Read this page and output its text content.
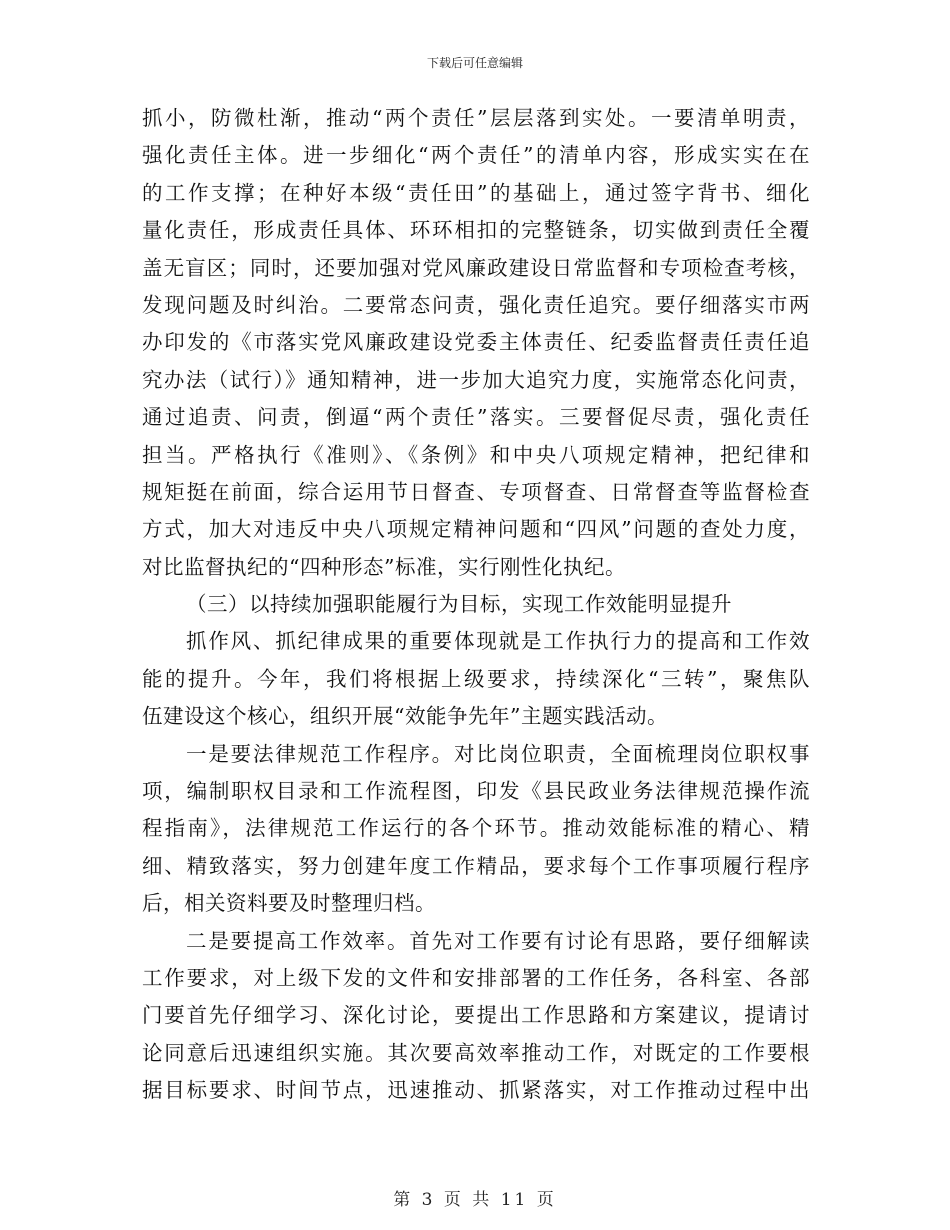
下载后可任意编辑
抓小，防微杜渐，推动“两个责任”层层落到实处。一要清单明责，
强化责任主体。进一步细化“两个责任”的清单内容，形成实实在在
的工作支撑；在种好本级“责任田”的基础上，通过签字背书、细化
量化责任，形成责任具体、环环相扣的完整链条，切实做到责任全覆
盖无盲区；同时，还要加强对党风廉政建设日常监督和专项检查考核，
发现问题及时纠治。二要常态问责，强化责任追究。要仔细落实市两
办印发的《市落实党风廉政建设党委主体责任、纪委监督责任责任追
究办法（试行）》通知精神，进一步加大追究力度，实施常态化问责，
通过追责、问责，倒逼“两个责任”落实。三要督促尽责，强化责任
担当。严格执行《准则》、《条例》和中央八项规定精神，把纪律和
规矩挺在前面，综合运用节日督查、专项督查、日常督查等监督检查
方式，加大对违反中央八项规定精神问题和“四风”问题的查处力度，
对比监督执纪的“四种形态”标准，实行刚性化执纪。
（三）以持续加强职能履行为目标，实现工作效能明显提升
抓作风、抓纪律成果的重要体现就是工作执行力的提高和工作效
能的提升。今年，我们将根据上级要求，持续深化“三转”，聚焦队
伍建设这个核心，组织开展“效能争先年”主题实践活动。
一是要法律规范工作程序。对比岗位职责，全面梳理岗位职权事
项，编制职权目录和工作流程图，印发《县民政业务法律规范操作流
程指南》，法律规范工作运行的各个环节。推动效能标准的精心、精
细、精致落实，努力创建年度工作精品，要求每个工作事项履行程序
后，相关资料要及时整理归档。
二是要提高工作效率。首先对工作要有讨论有思路，要仔细解读
工作要求，对上级下发的文件和安排部署的工作任务，各科室、各部
门要首先仔细学习、深化讨论，要提出工作思路和方案建议，提请讨
论同意后迅速组织实施。其次要高效率推动工作，对既定的工作要根
据目标要求、时间节点，迅速推动、抓紧落实，对工作推动过程中出
第 3 页 共 11 页
